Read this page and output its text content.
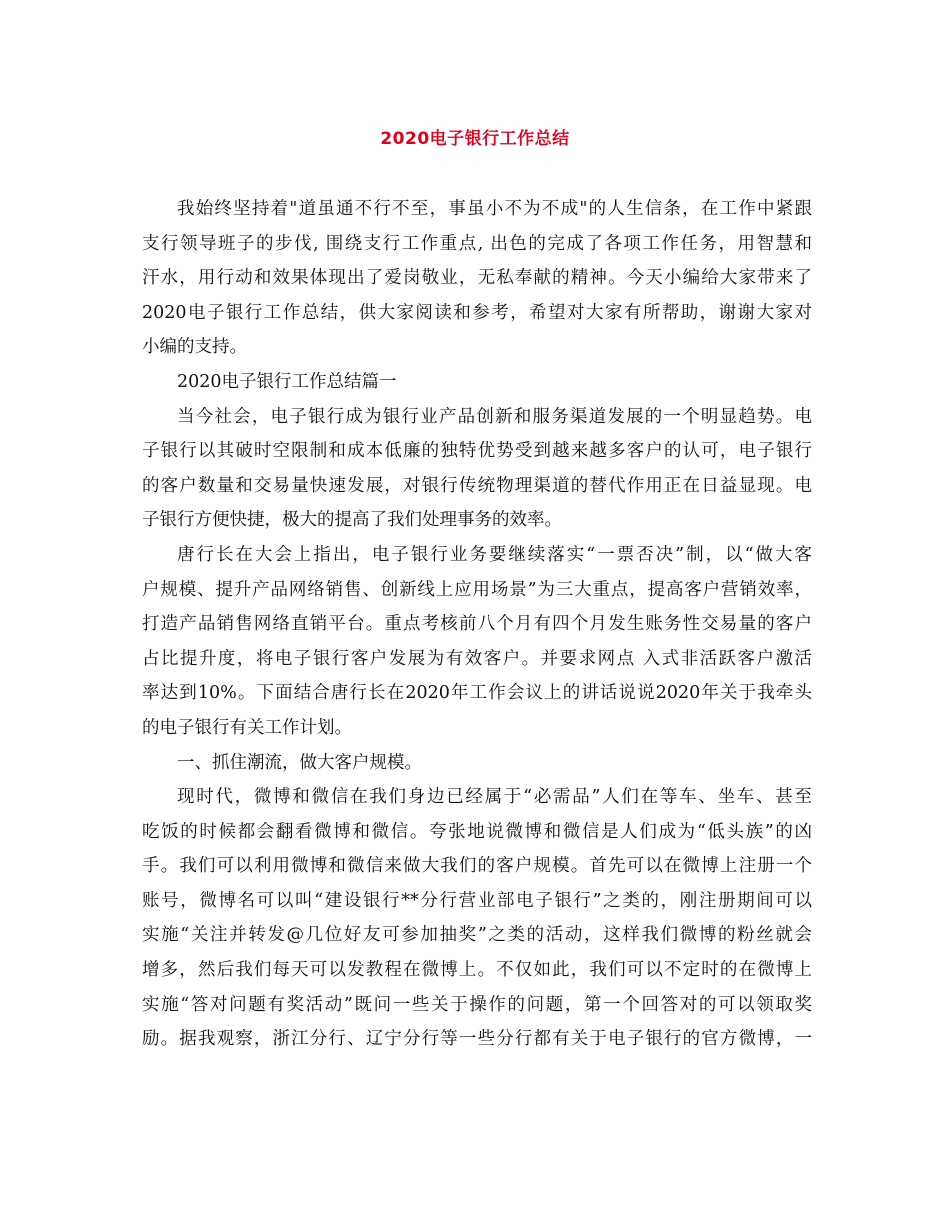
2020电子银行工作总结
我始终坚持着"道虽通不行不至，事虽小不为不成"的人生信条，在工作中紧跟
支行领导班子的步伐, 围绕支行工作重点, 出色的完成了各项工作任务，用智慧和
汗水，用行动和效果体现出了爱岗敬业，无私奉献的精神。今天小编给大家带来了
2020电子银行工作总结，供大家阅读和参考，希望对大家有所帮助，谢谢大家对
小编的支持。
2020电子银行工作总结篇一
当今社会，电子银行成为银行业产品创新和服务渠道发展的一个明显趋势。电
子银行以其破时空限制和成本低廉的独特优势受到越来越多客户的认可，电子银行
的客户数量和交易量快速发展，对银行传统物理渠道的替代作用正在日益显现。电
子银行方便快捷，极大的提高了我们处理事务的效率。
唐行长在大会上指出，电子银行业务要继续落实“一票否决”制，以“做大客
户规模、提升产品网络销售、创新线上应用场景”为三大重点，提高客户营销效率，
打造产品销售网络直销平台。重点考核前八个月有四个月发生账务性交易量的客户
占比提升度，将电子银行客户发展为有效客户。并要求网点 入式非活跃客户激活
率达到10%。下面结合唐行长在2020年工作会议上的讲话说说2020年关于我牵头
的电子银行有关工作计划。
一、抓住潮流，做大客户规模。
现时代，微博和微信在我们身边已经属于“必需品”人们在等车、坐车、甚至
吃饭的时候都会翻看微博和微信。夸张地说微博和微信是人们成为“低头族”的凶
手。我们可以利用微博和微信来做大我们的客户规模。首先可以在微博上注册一个
账号，微博名可以叫“建设银行**分行营业部电子银行”之类的，刚注册期间可以
实施“关注并转发@几位好友可参加抽奖”之类的活动，这样我们微博的粉丝就会
增多，然后我们每天可以发教程在微博上。不仅如此，我们可以不定时的在微博上
实施“答对问题有奖活动”既问一些关于操作的问题，第一个回答对的可以领取奖
励。据我观察，浙江分行、辽宁分行等一些分行都有关于电子银行的官方微博，一
